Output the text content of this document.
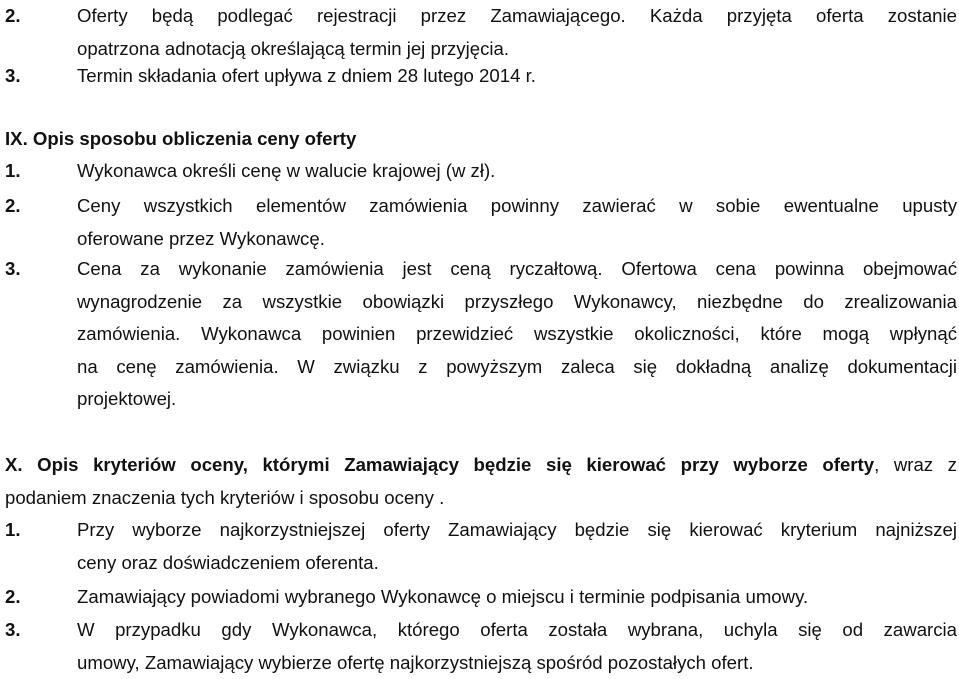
2.	Oferty będą podlegać rejestracji przez Zamawiającego. Każda przyjęta oferta zostanie
opatrzona adnotacją określającą termin jej przyjęcia.
3.	Termin składania ofert upływa z dniem 28 lutego 2014 r.
IX. Opis sposobu obliczenia ceny oferty
1.	Wykonawca określi cenę w walucie krajowej (w zł).
2.	Ceny wszystkich elementów zamówienia powinny zawierać w sobie ewentualne upusty
oferowane przez Wykonawcę.
3.	Cena za wykonanie zamówienia jest ceną ryczałtową. Ofertowa cena powinna obejmować
wynagrodzenie za wszystkie obowiązki przyszłego Wykonawcy, niezbędne do zrealizowania
zamówienia. Wykonawca powinien przewidzieć wszystkie okoliczności, które mogą wpłynąć
na cenę zamówienia. W związku z powyższym zaleca się dokładną analizę dokumentacji
projektowej.
X. Opis kryteriów oceny, którymi Zamawiający będzie się kierować przy wyborze oferty, wraz z
podaniem znaczenia tych kryteriów i sposobu oceny .
1.	Przy wyborze najkorzystniejszej oferty Zamawiający będzie się kierować kryterium najniższej
ceny oraz doświadczeniem oferenta.
2.	Zamawiający powiadomi wybranego Wykonawcę o miejscu i terminie podpisania umowy.
3.	W przypadku gdy Wykonawca, którego oferta została wybrana, uchyla się od zawarcia
umowy, Zamawiający wybierze ofertę najkorzystniejszą spośród pozostałych ofert.
